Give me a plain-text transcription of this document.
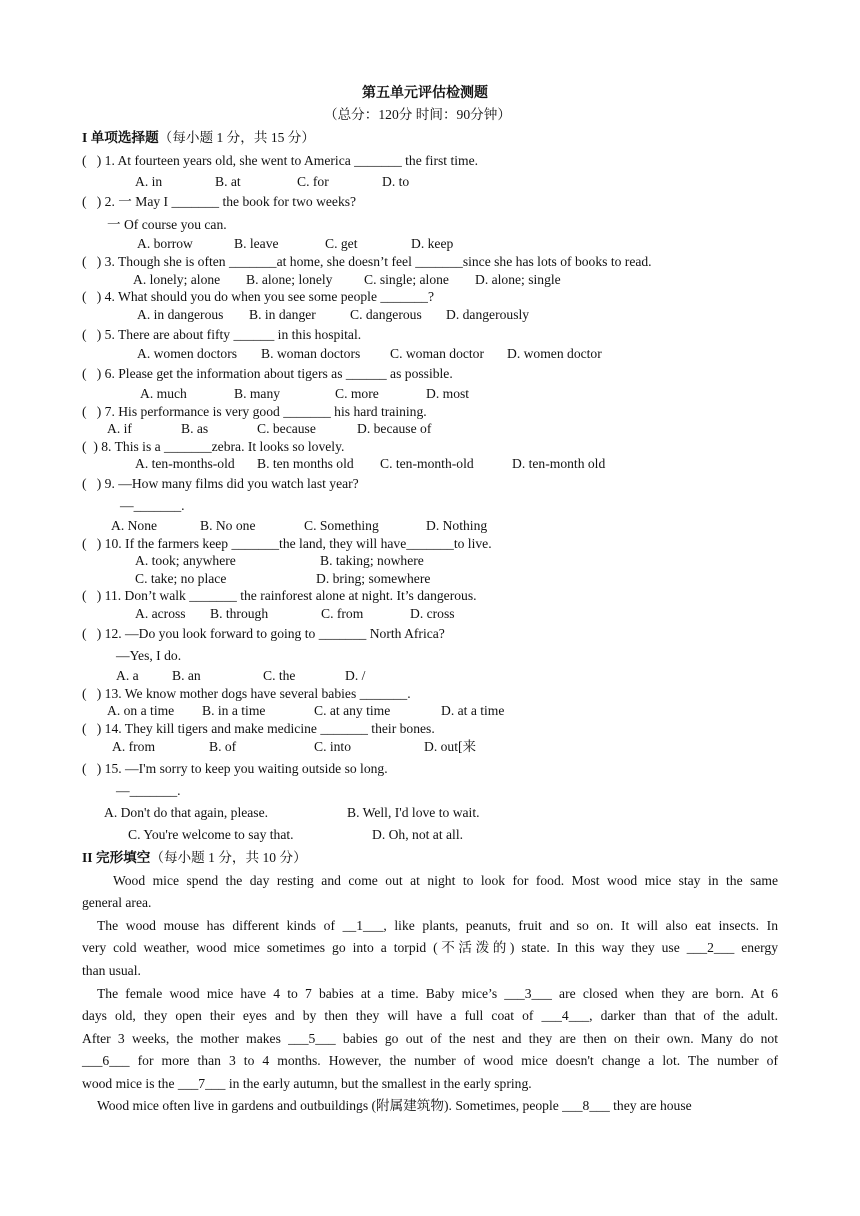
第五单元评估检测题
（总分：120分 时间：90分钟）
I 单项选择题（每小题 1 分，共 15 分）
(   ) 1. At fourteen years old, she went to America _______ the first time.
A. in	B. at	C. for	D. to
(   ) 2. 一 May I _______ the book for two weeks?
一 Of course you can.
A. borrow	B. leave	C. get	D. keep
(   ) 3. Though she is often _______at home, she doesn’t feel _______since she has lots of books to read.
A. lonely; alone B. alone; lonely C. single; alone D. alone; single
(   ) 4. What should you do when you see some people _______?
A. in dangerous B. in danger	C. dangerous D. dangerously
(   ) 5. There are about fifty ______ in this hospital.
A. women doctors B. woman doctors C. woman doctor D. women doctor
(   ) 6. Please get the information about tigers as ______ as possible.
A. much	B. many	C. more	D. most
(   ) 7. His performance is very good _______ his hard training.
A. if	B. as	C. because	D. because of
(  ) 8. This is a _______zebra. It looks so lovely.
A. ten-months-old B. ten months old C. ten-month-old	D. ten-month old
(   ) 9. —How many films did you watch last year?
—_______.
A. None	B. No one	C. Something	D. Nothing
(   ) 10. If the farmers keep _______the land, they will have_______to live.
A. took; anywhere	B. taking; nowhere
C. take; no place	D. bring; somewhere
(   ) 11. Don’t walk _______ the rainforest alone at night. It’s dangerous.
A. across B. through	C. from	D. cross
(   ) 12. —Do you look forward to going to _______ North Africa?
—Yes, I do.
A. a B. an	C. the	D. /
(   ) 13. We know mother dogs have several babies _______.
A. on a time B. in a time	C. at any time	D. at a time
(   ) 14. They kill tigers and make medicine _______ their bones.
A. from	B. of	C. into	D. out[来
(   ) 15. —I'm sorry to keep you waiting outside so long.
—_______.
A. Don't do that again, please.	B. Well, I'd love to wait.
C. You're welcome to say that.	D. Oh, not at all.
II 完形填空（每小题 1 分，共 10 分）
Wood mice spend the day resting and come out at night to look for food. Most wood mice stay in the same
general area.
The wood mouse has different kinds of __1___, like plants, peanuts, fruit and so on. It will also eat insects. In
very cold weather, wood mice sometimes go into a torpid (不活泼的) state. In this way they use ___2___ energy
than usual.
The female wood mice have 4 to 7 babies at a time. Baby mice’s ___3___ are closed when they are born. At 6
days old, they open their eyes and by then they will have a full coat of ___4___, darker than that of the adult.
After 3 weeks, the mother makes ___5___ babies go out of the nest and they are then on their own. Many do not
___6___ for more than 3 to 4 months. However, the number of wood mice doesn't change a lot. The number of
wood mice is the ___7___ in the early autumn, but the smallest in the early spring.
Wood mice often live in gardens and outbuildings (附属建筑物). Sometimes, people ___8___ they are house
